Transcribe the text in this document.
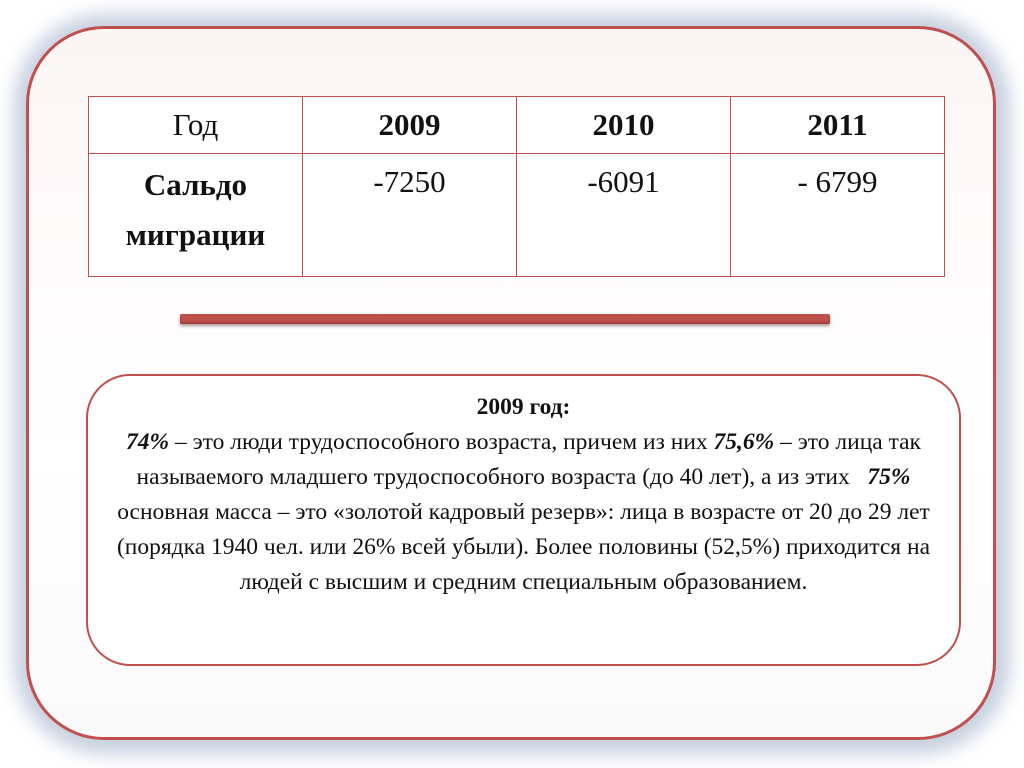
Год	2009	2010	2011
Сальдо
миграции	-7250	-6091	- 6799
2009 год:
74% – это люди трудоспособного возраста, причем из них 75,6% – это лица так называемого младшего трудоспособного возраста (до 40 лет), а из этих   75% основная масса – это «золотой кадровый резерв»: лица в возрасте от 20 до 29 лет (порядка 1940 чел. или 26% всей убыли). Более половины (52,5%) приходится на людей с высшим и средним специальным образованием.
